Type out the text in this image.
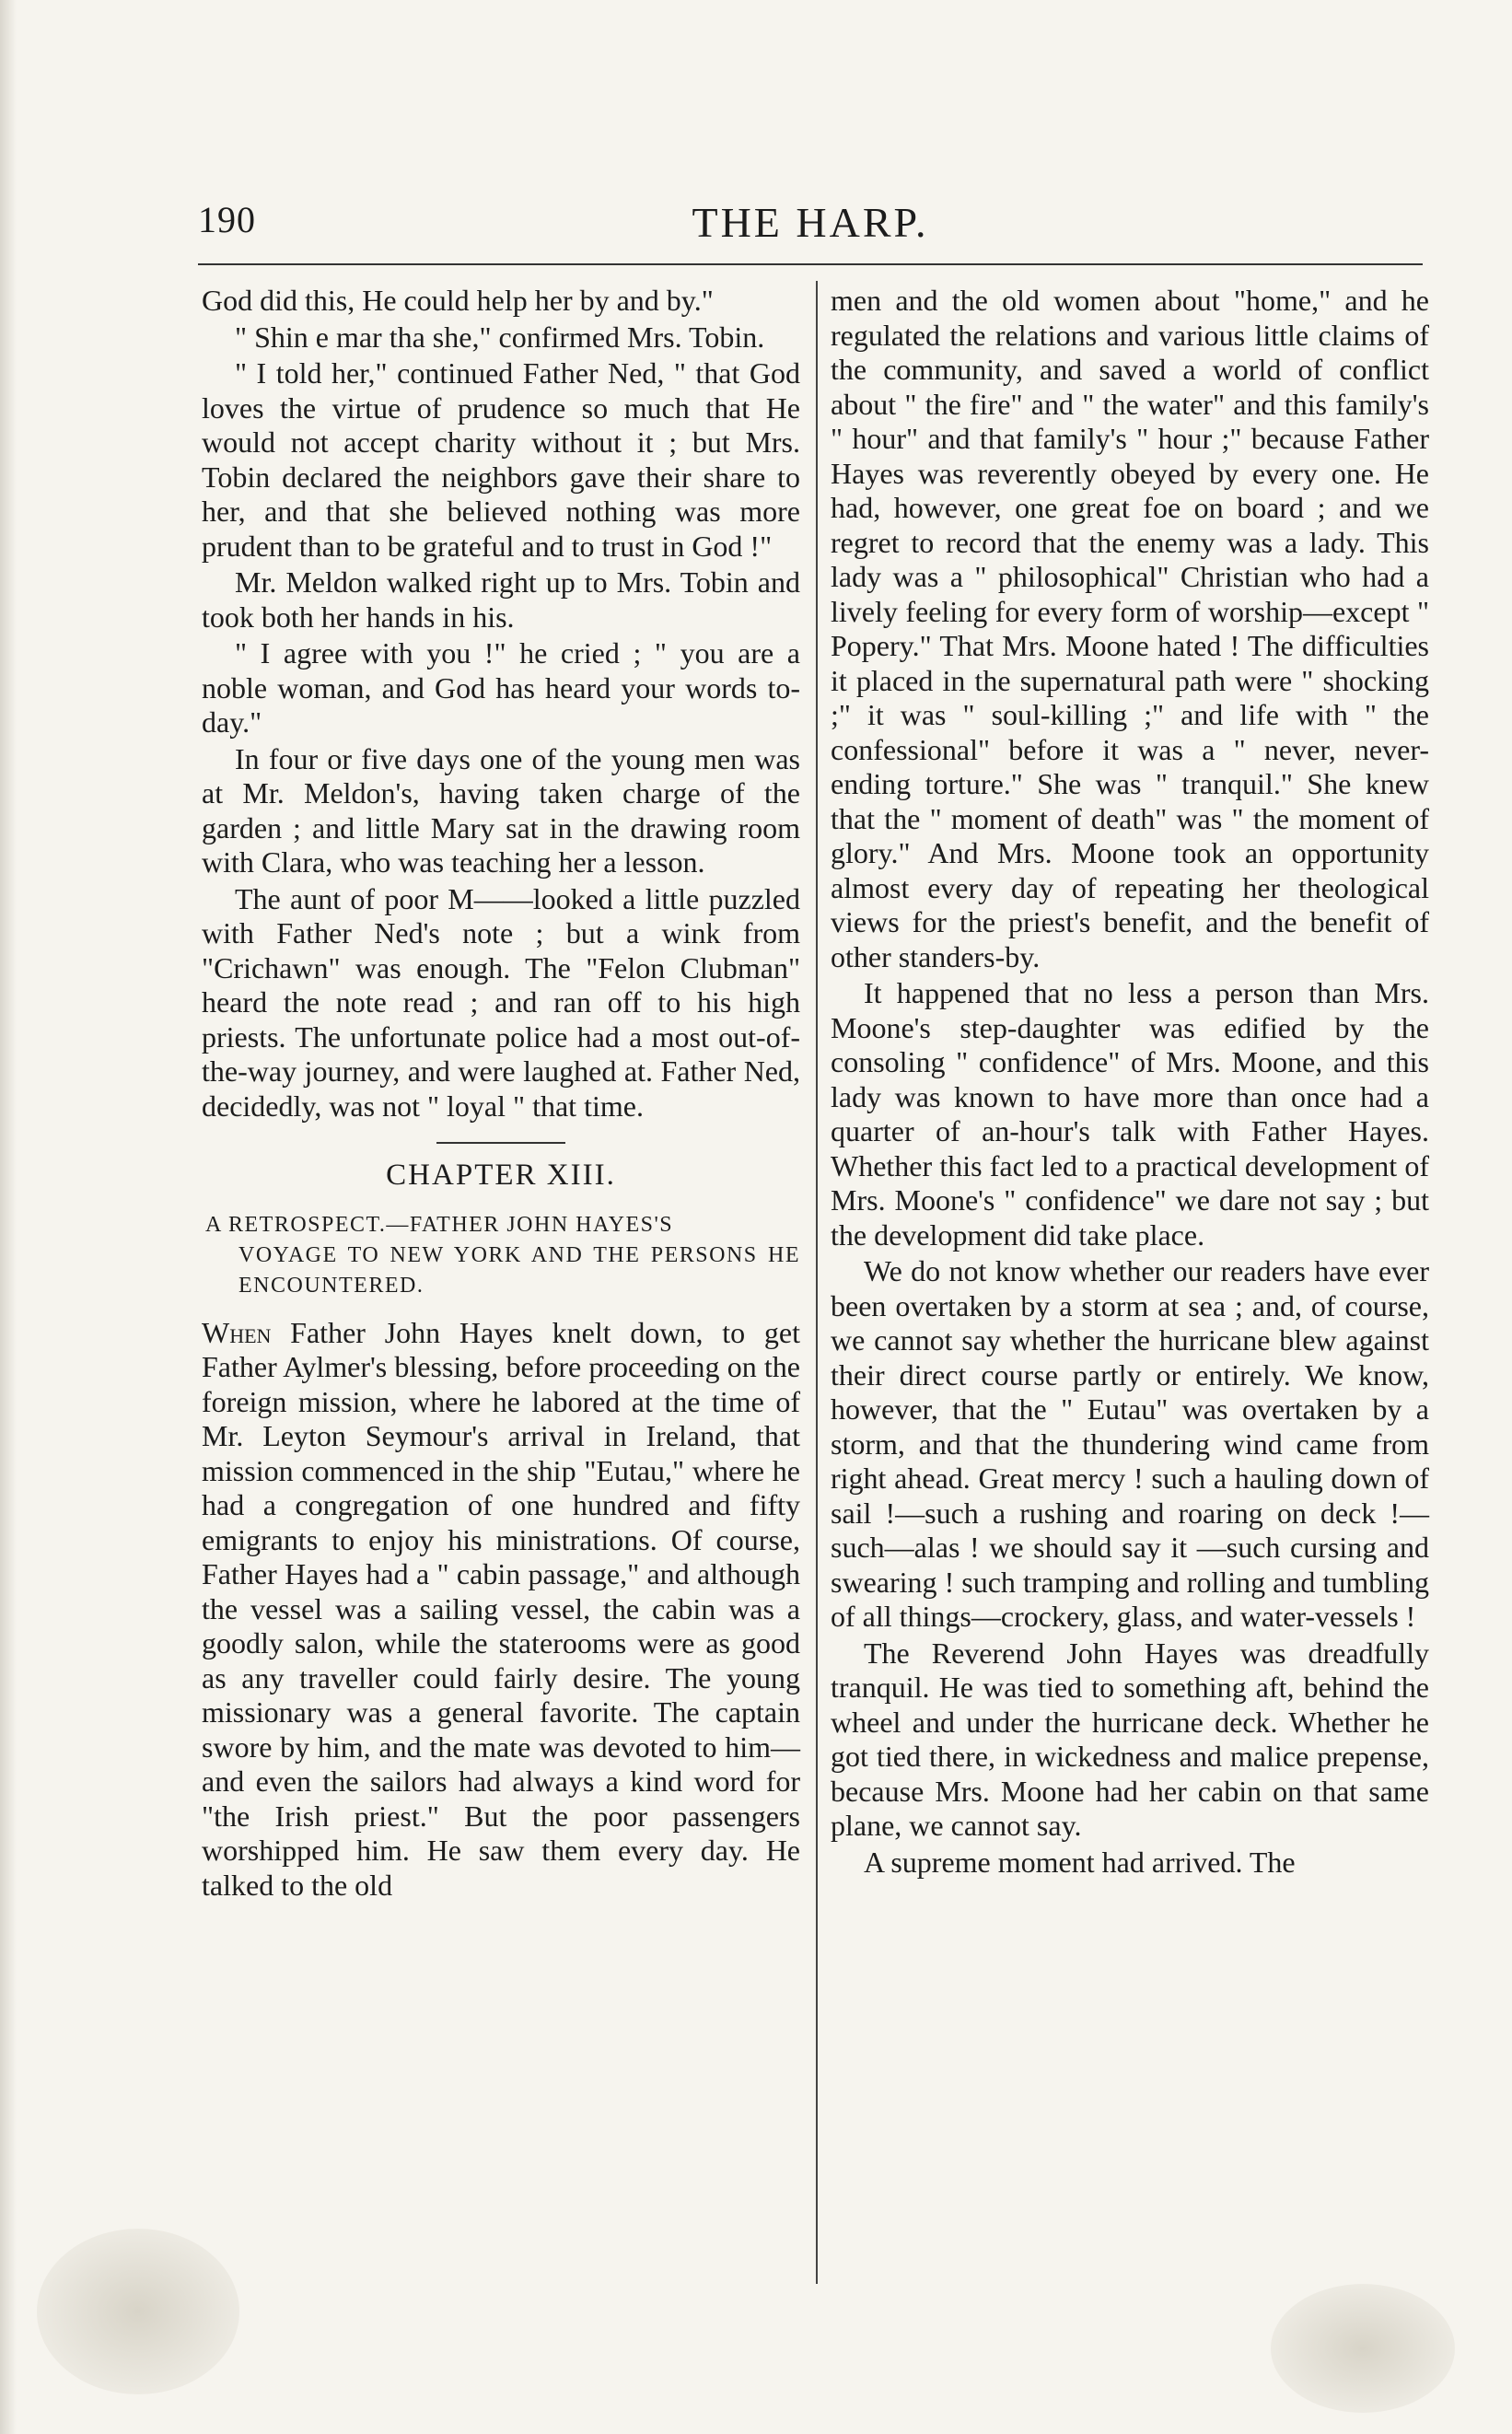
190	THE HARP.

God did this, He could help her by and by."

" Shin e mar tha she," confirmed Mrs. Tobin.

" I told her," continued Father Ned, " that God loves the virtue of prudence so much that He would not accept charity without it ; but Mrs. Tobin declared the neighbors gave their share to her, and that she believed nothing was more prudent than to be grateful and to trust in God !"

Mr. Meldon walked right up to Mrs. Tobin and took both her hands in his.

" I agree with you !" he cried ; " you are a noble woman, and God has heard your words to-day."

In four or five days one of the young men was at Mr. Meldon's, having taken charge of the garden ; and little Mary sat in the drawing room with Clara, who was teaching her a lesson.

The aunt of poor M——looked a little puzzled with Father Ned's note ; but a wink from "Crichawn" was enough. The "Felon Clubman" heard the note read ; and ran off to his high priests. The unfortunate police had a most out-of-the-way journey, and were laughed at. Father Ned, decidedly, was not " loyal " that time.

CHAPTER XIII.
A RETROSPECT.—FATHER JOHN HAYES'S
VOYAGE TO NEW YORK AND THE PERSONS HE ENCOUNTERED.

When Father John Hayes knelt down, to get Father Aylmer's blessing, before proceeding on the foreign mission, where he labored at the time of Mr. Leyton Seymour's arrival in Ireland, that mission commenced in the ship "Eutau," where he had a congregation of one hundred and fifty emigrants to enjoy his ministrations. Of course, Father Hayes had a " cabin passage," and although the vessel was a sailing vessel, the cabin was a goodly salon, while the staterooms were as good as any traveller could fairly desire. The young missionary was a general favorite. The captain swore by him, and the mate was devoted to him—and even the sailors had always a kind word for "the Irish priest." But the poor passengers worshipped him. He saw them every day. He talked to the old

men and the old women about "home," and he regulated the relations and various little claims of the community, and saved a world of conflict about " the fire" and " the water" and this family's " hour" and that family's " hour ;" because Father Hayes was reverently obeyed by every one. He had, however, one great foe on board ; and we regret to record that the enemy was a lady. This lady was a " philosophical" Christian who had a lively feeling for every form of worship—except " Popery." That Mrs. Moone hated ! The difficulties it placed in the supernatural path were " shocking ;" it was " soul-killing ;" and life with " the confessional" before it was a " never, never-ending torture." She was " tranquil." She knew that the " moment of death" was " the moment of glory." And Mrs. Moone took an opportunity almost every day of repeating her theological views for the priest's benefit, and the benefit of other standers-by.

It happened that no less a person than Mrs. Moone's step-daughter was edified by the consoling " confidence" of Mrs. Moone, and this lady was known to have more than once had a quarter of an-hour's talk with Father Hayes. Whether this fact led to a practical development of Mrs. Moone's " confidence" we dare not say ; but the development did take place.

We do not know whether our readers have ever been overtaken by a storm at sea ; and, of course, we cannot say whether the hurricane blew against their direct course partly or entirely. We know, however, that the " Eutau" was overtaken by a storm, and that the thundering wind came from right ahead. Great mercy ! such a hauling down of sail !—such a rushing and roaring on deck !—such—alas ! we should say it —such cursing and swearing ! such tramping and rolling and tumbling of all things—crockery, glass, and water-vessels !

The Reverend John Hayes was dreadfully tranquil. He was tied to something aft, behind the wheel and under the hurricane deck. Whether he got tied there, in wickedness and malice prepense, because Mrs. Moone had her cabin on that same plane, we cannot say.

A supreme moment had arrived. The
